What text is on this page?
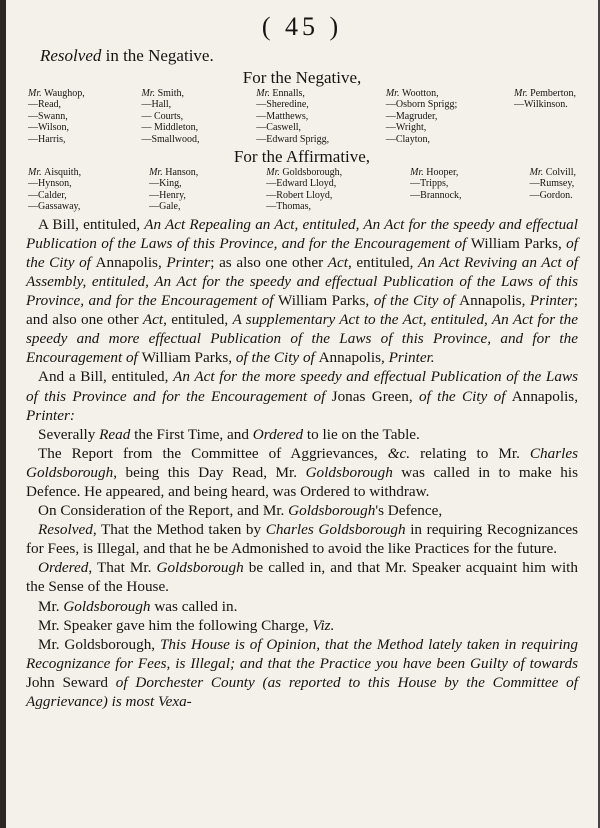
( 45 )
Resolved in the Negative.
For the Negative,
Mr. Waughop,
—Read,
—Swann,
—Wilson,
—Harris,
Mr. Smith,
—Hall,
— Courts,
— Middleton,
—Smallwood,
Mr. Ennalls,
—Sheredine,
—Matthews,
—Caswell,
—Edward Sprigg,
Mr. Wootton,
—Osborn Sprigg;
—Magruder,
—Wright,
—Clayton,
Mr. Pemberton,
—Wilkinson.
For the Affirmative,
Mr. Aisquith,
—Hynson,
—Calder,
—Gassaway,
Mr. Hanson,
—King,
—Henry,
—Gale,
Mr. Goldsborough,
—Edward Lloyd,
—Robert Lloyd,
—Thomas,
Mr. Hooper,
—Tripps,
—Brannock,
Mr. Colvill,
—Rumsey,
—Gordon.

A Bill, entituled, An Act Repealing an Act, entituled, An Act for the speedy and effectual Publication of the Laws of this Province, and for the Encouragement of William Parks, of the City of Annapolis, Printer; as also one other Act, entituled, An Act Reviving an Act of Assembly, entituled, An Act for the speedy and effectual Publication of the Laws of this Province, and for the Encouragement of William Parks, of the City of Annapolis, Printer; and also one other Act, entituled, A supplementary Act to the Act, entituled, An Act for the speedy and more effectual Publication of the Laws of this Province, and for the Encouragement of William Parks, of the City of Annapolis, Printer.

And a Bill, entituled, An Act for the more speedy and effectual Publication of the Laws of this Province and for the Encouragement of Jonas Green, of the City of Annapolis, Printer:

Severally Read the First Time, and Ordered to lie on the Table.

The Report from the Committee of Aggrievances, &c. relating to Mr. Charles Goldsborough, being this Day Read, Mr. Goldsborough was called in to make his Defence. He appeared, and being heard, was Ordered to withdraw.

On Consideration of the Report, and Mr. Goldsborough's Defence,

Resolved, That the Method taken by Charles Goldsborough in requiring Recognizances for Fees, is Illegal, and that he be Admonished to avoid the like Practices for the future.

Ordered, That Mr. Goldsborough be called in, and that Mr. Speaker acquaint him with the Sense of the House.

Mr. Goldsborough was called in.

Mr. Speaker gave him the following Charge, Viz.

Mr. Goldsborough, This House is of Opinion, that the Method lately taken in requiring Recognizance for Fees, is Illegal; and that the Practice you have been Guilty of towards John Seward of Dorchester County (as reported to this House by the Committee of Aggrievance) is most Vexa-
